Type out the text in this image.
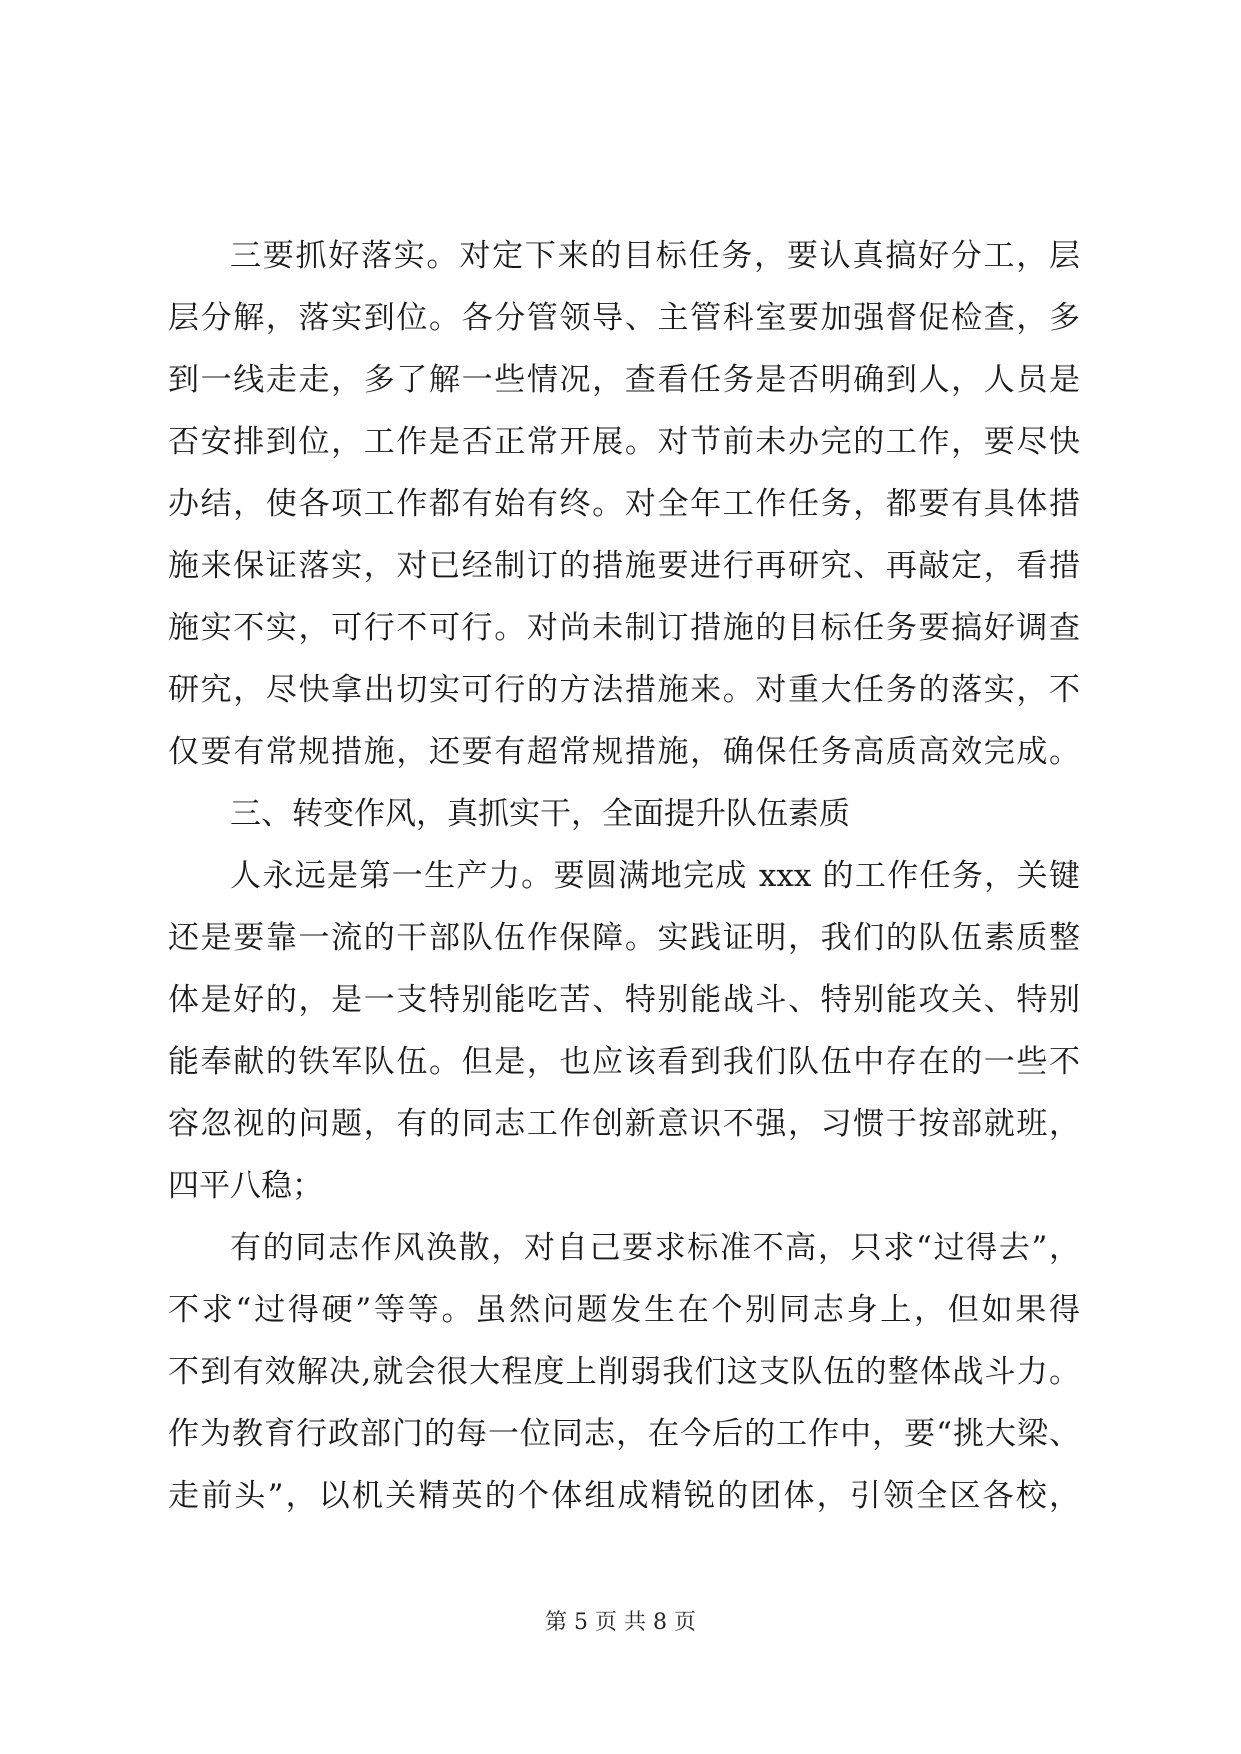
三要抓好落实。对定下来的目标任务，要认真搞好分工，层
层分解，落实到位。各分管领导、主管科室要加强督促检查，多
到一线走走，多了解一些情况，查看任务是否明确到人，人员是
否安排到位，工作是否正常开展。对节前未办完的工作，要尽快
办结，使各项工作都有始有终。对全年工作任务，都要有具体措
施来保证落实，对已经制订的措施要进行再研究、再敲定，看措
施实不实，可行不可行。对尚未制订措施的目标任务要搞好调查
研究，尽快拿出切实可行的方法措施来。对重大任务的落实，不
仅要有常规措施，还要有超常规措施，确保任务高质高效完成。
三、转变作风，真抓实干，全面提升队伍素质
人永远是第一生产力。要圆满地完成 xxx 的工作任务，关键
还是要靠一流的干部队伍作保障。实践证明，我们的队伍素质整
体是好的，是一支特别能吃苦、特别能战斗、特别能攻关、特别
能奉献的铁军队伍。但是，也应该看到我们队伍中存在的一些不
容忽视的问题，有的同志工作创新意识不强，习惯于按部就班，
四平八稳；
有的同志作风涣散，对自己要求标准不高，只求“过得去”，
不求“过得硬”等等。虽然问题发生在个别同志身上，但如果得
不到有效解决,就会很大程度上削弱我们这支队伍的整体战斗力。
作为教育行政部门的每一位同志，在今后的工作中，要“挑大梁、
走前头”，以机关精英的个体组成精锐的团体，引领全区各校，
第 5 页 共 8 页
